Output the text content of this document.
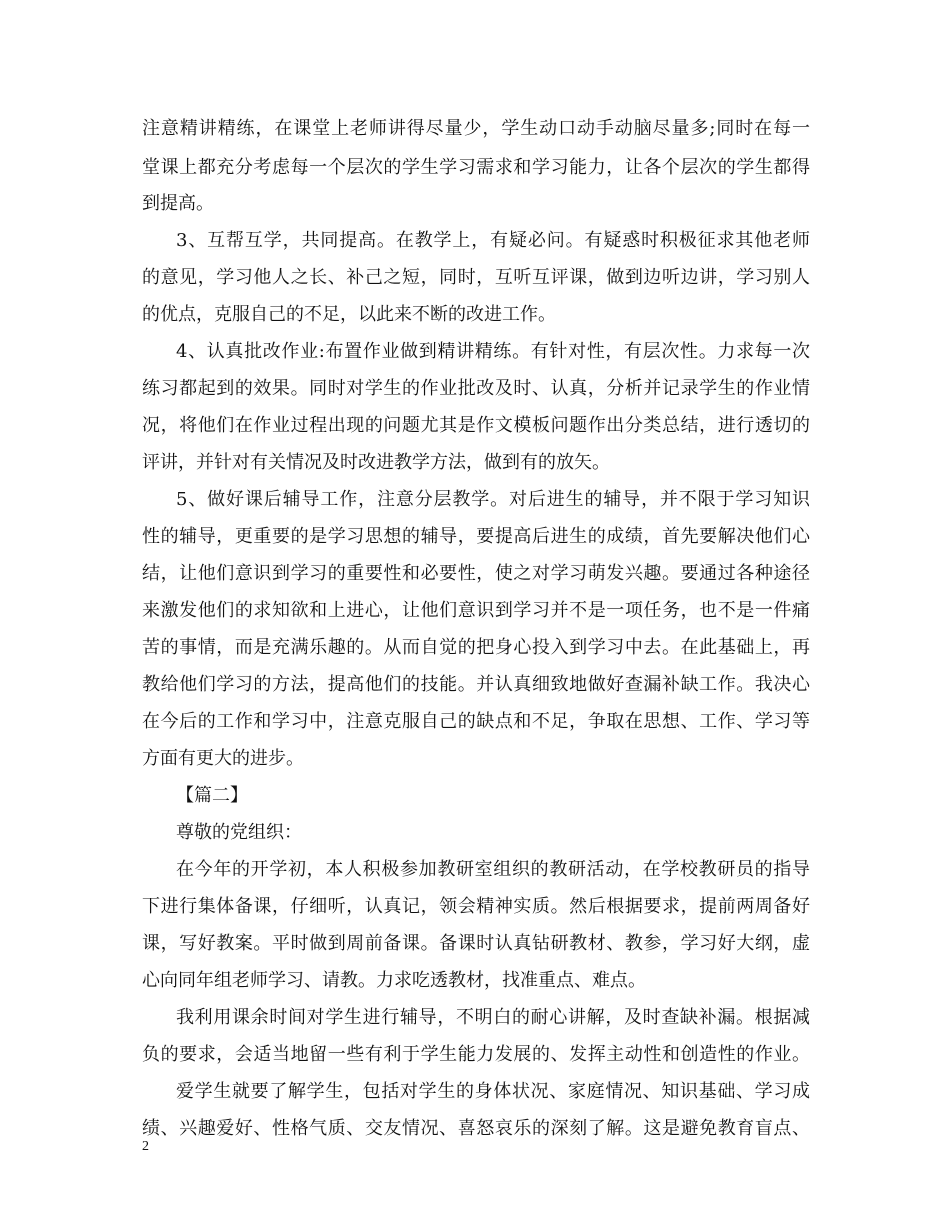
注意精讲精练，在课堂上老师讲得尽量少，学生动口动手动脑尽量多;同时在每一
堂课上都充分考虑每一个层次的学生学习需求和学习能力，让各个层次的学生都得
到提高。
3、互帮互学，共同提高。在教学上，有疑必问。有疑惑时积极征求其他老师
的意见，学习他人之长、补己之短，同时，互听互评课，做到边听边讲，学习别人
的优点，克服自己的不足，以此来不断的改进工作。
4、认真批改作业:布置作业做到精讲精练。有针对性，有层次性。力求每一次
练习都起到的效果。同时对学生的作业批改及时、认真，分析并记录学生的作业情
况，将他们在作业过程出现的问题尤其是作文模板问题作出分类总结，进行透切的
评讲，并针对有关情况及时改进教学方法，做到有的放矢。
5、做好课后辅导工作，注意分层教学。对后进生的辅导，并不限于学习知识
性的辅导，更重要的是学习思想的辅导，要提高后进生的成绩，首先要解决他们心
结，让他们意识到学习的重要性和必要性，使之对学习萌发兴趣。要通过各种途径
来激发他们的求知欲和上进心，让他们意识到学习并不是一项任务，也不是一件痛
苦的事情，而是充满乐趣的。从而自觉的把身心投入到学习中去。在此基础上，再
教给他们学习的方法，提高他们的技能。并认真细致地做好查漏补缺工作。我决心
在今后的工作和学习中，注意克服自己的缺点和不足，争取在思想、工作、学习等
方面有更大的进步。
【篇二】
尊敬的党组织：
在今年的开学初，本人积极参加教研室组织的教研活动，在学校教研员的指导
下进行集体备课，仔细听，认真记，领会精神实质。然后根据要求，提前两周备好
课，写好教案。平时做到周前备课。备课时认真钻研教材、教参，学习好大纲，虚
心向同年组老师学习、请教。力求吃透教材，找准重点、难点。
我利用课余时间对学生进行辅导，不明白的耐心讲解，及时查缺补漏。根据减
负的要求，会适当地留一些有利于学生能力发展的、发挥主动性和创造性的作业。
爱学生就要了解学生，包括对学生的身体状况、家庭情况、知识基础、学习成
绩、兴趣爱好、性格气质、交友情况、喜怒哀乐的深刻了解。这是避免教育盲点、
2
